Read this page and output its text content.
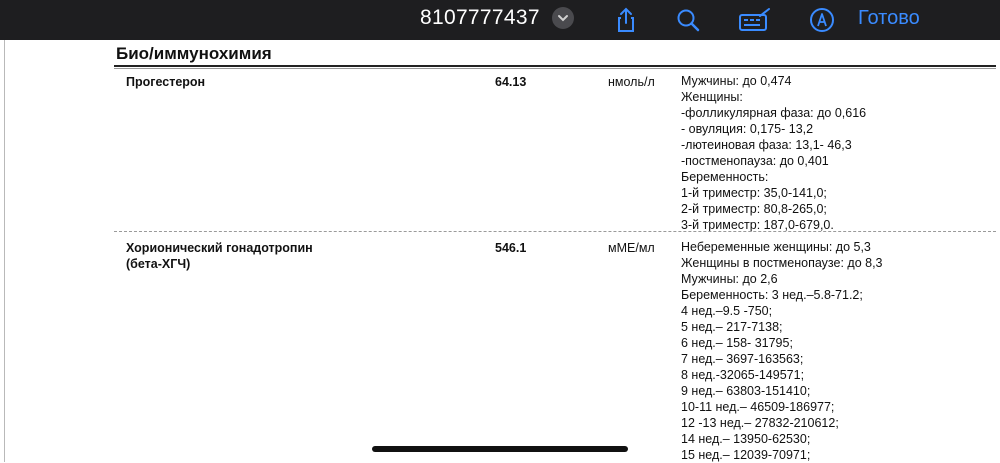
8107777437	Готово
Био/иммунохимия
Прогестерон	64.13	нмоль/л Мужчины: до 0,474
Женщины:
-фолликулярная фаза: до 0,616
- овуляция: 0,175- 13,2
-лютеиновая фаза: 13,1- 46,3
-постменопауза: до 0,401
Беременность:
1-й триместр: 35,0-141,0;
2-й триместр: 80,8-265,0;
3-й триместр: 187,0-679,0.
Хорионический гонадотропин
(бета-ХГЧ)
546.1	мМЕ/мл Небеременные женщины: до 5,3
Женщины в постменопаузе: до 8,3
Мужчины: до 2,6
Беременность: 3 нед.–5.8-71.2;
4 нед.–9.5 -750;
5 нед.– 217-7138;
6 нед.– 158- 31795;
7 нед.– 3697-163563;
8 нед.-32065-149571;
9 нед.– 63803-151410;
10-11 нед.– 46509-186977;
12 -13 нед.– 27832-210612;
14 нед.– 13950-62530;
15 нед.– 12039-70971;
